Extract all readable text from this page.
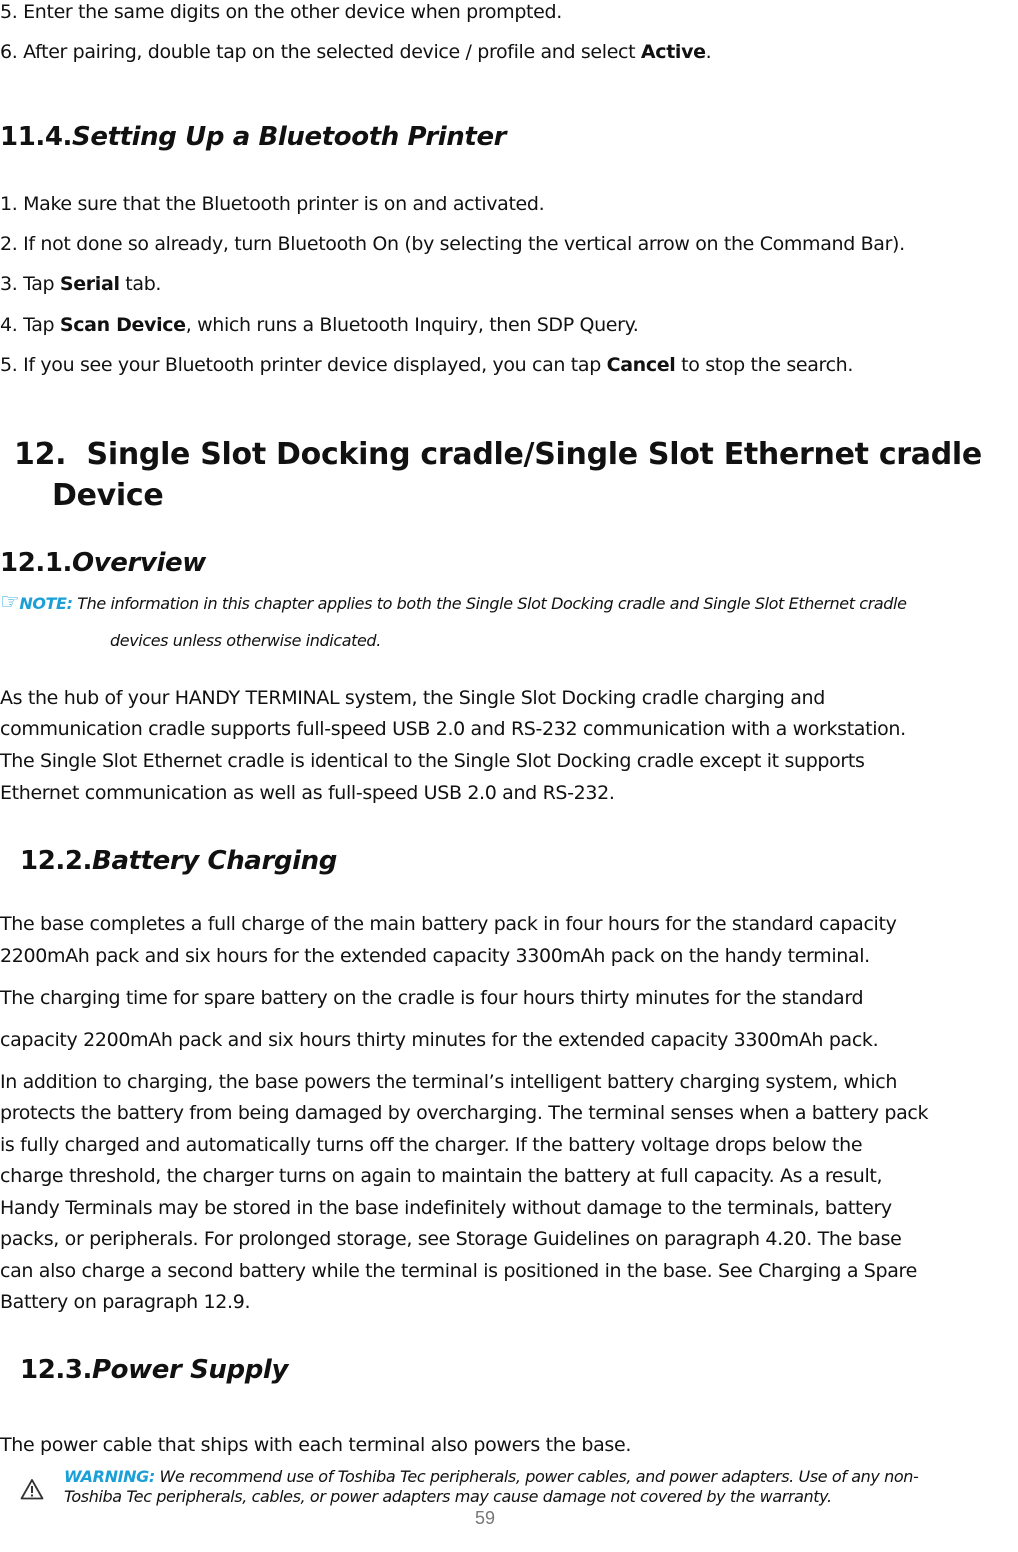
5. Enter the same digits on the other device when prompted.
6. After pairing, double tap on the selected device / profile and select Active.
11.4.Setting Up a Bluetooth Printer
1. Make sure that the Bluetooth printer is on and activated.
2. If not done so already, turn Bluetooth On (by selecting the vertical arrow on the Command Bar).
3. Tap Serial tab.
4. Tap Scan Device, which runs a Bluetooth Inquiry, then SDP Query.
5. If you see your Bluetooth printer device displayed, you can tap Cancel to stop the search.
12. Single Slot Docking cradle/Single Slot Ethernet cradle
Device
12.1.Overview
☞NOTE: The information in this chapter applies to both the Single Slot Docking cradle and Single Slot Ethernet cradle
devices unless otherwise indicated.
As the hub of your HANDY TERMINAL system, the Single Slot Docking cradle charging and
communication cradle supports full-speed USB 2.0 and RS-232 communication with a workstation.
The Single Slot Ethernet cradle is identical to the Single Slot Docking cradle except it supports
Ethernet communication as well as full-speed USB 2.0 and RS-232.
12.2.Battery Charging
The base completes a full charge of the main battery pack in four hours for the standard capacity
2200mAh pack and six hours for the extended capacity 3300mAh pack on the handy terminal.
The charging time for spare battery on the cradle is four hours thirty minutes for the standard
capacity 2200mAh pack and six hours thirty minutes for the extended capacity 3300mAh pack.
In addition to charging, the base powers the terminal’s intelligent battery charging system, which
protects the battery from being damaged by overcharging. The terminal senses when a battery pack
is fully charged and automatically turns off the charger. If the battery voltage drops below the
charge threshold, the charger turns on again to maintain the battery at full capacity. As a result,
Handy Terminals may be stored in the base indefinitely without damage to the terminals, battery
packs, or peripherals. For prolonged storage, see Storage Guidelines on paragraph 4.20. The base
can also charge a second battery while the terminal is positioned in the base. See Charging a Spare
Battery on paragraph 12.9.
12.3.Power Supply
The power cable that ships with each terminal also powers the base.
WARNING: We recommend use of Toshiba Tec peripherals, power cables, and power adapters. Use of any non-
Toshiba Tec peripherals, cables, or power adapters may cause damage not covered by the warranty.
59
